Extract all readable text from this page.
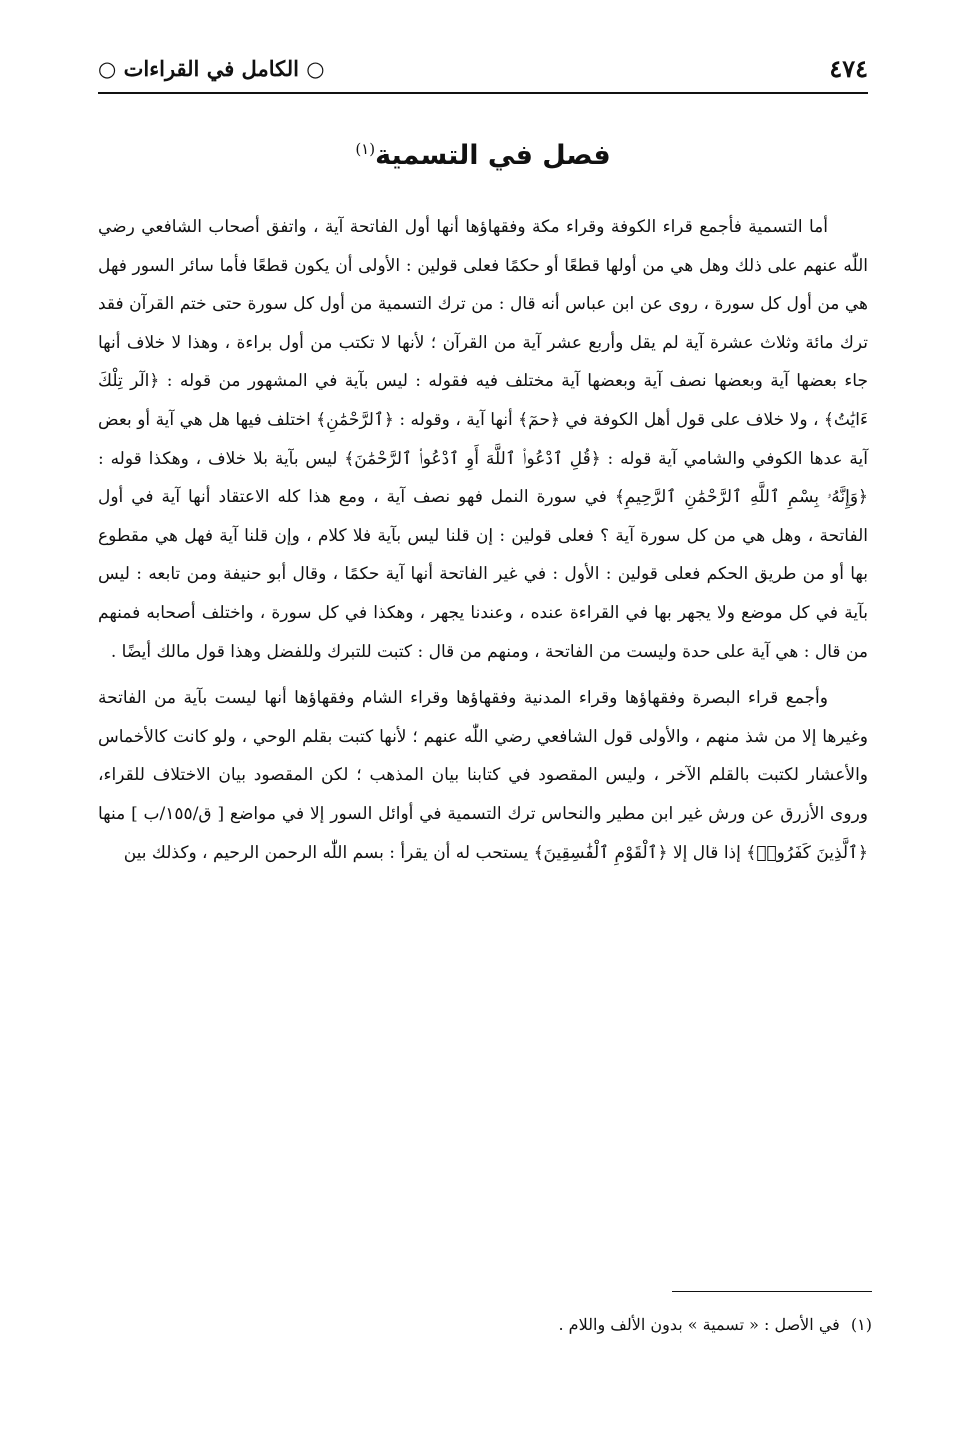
٤٧٤
○ الكامل في القراءات ○
فصل في التسمية$^{(١)}$

أما التسمية فأجمع قراء الكوفة وقراء مكة وفقهاؤها أنها أول الفاتحة آية ، واتفق أصحاب الشافعي رضي اللّٰه عنهم على ذلك وهل هي من أولها قطعًا أو حكمًا فعلى قولين : الأولى أن يكون قطعًا فأما سائر السور فهل هي من أول كل سورة ، روى عن ابن عباس أنه قال : من ترك التسمية من أول كل سورة حتى ختم القرآن فقد ترك مائة وثلاث عشرة آية لم يقل وأربع عشر آية من القرآن ؛ لأنها لا تكتب من أول براءة ، وهذا لا خلاف أنها جاء بعضها آية وبعضها نصف آية وبعضها آية مختلف فيه فقوله : ليس بآية في المشهور من قوله : ﴿الٓر تِلْكَ ءَايَٰتُ﴾ ، ولا خلاف على قول أهل الكوفة في ﴿حمٓ﴾ أنها آية ، وقوله : ﴿ٱلرَّحْمَٰنِ﴾ اختلف فيها هل هي آية أو بعض آية عدها الكوفي والشامي آية قوله : ﴿قُلِ ٱدْعُوا۟ ٱللَّهَ أَوِ ٱدْعُوا۟ ٱلرَّحْمَٰنَ﴾ ليس بآية بلا خلاف ، وهكذا قوله : ﴿وَإِنَّهُۥ بِسْمِ ٱللَّهِ ٱلرَّحْمَٰنِ ٱلرَّحِيمِ﴾ في سورة النمل فهو نصف آية ، ومع هذا كله الاعتقاد أنها آية في أول الفاتحة ، وهل هي من كل سورة آية ؟ فعلى قولين : إن قلنا ليس بآية فلا كلام ، وإن قلنا آية فهل هي مقطوع بها أو من طريق الحكم فعلى قولين : الأول : في غير الفاتحة أنها آية حكمًا ، وقال أبو حنيفة ومن تابعه : ليس بآية في كل موضع ولا يجهر بها في القراءة عنده ، وعندنا يجهر ، وهكذا في كل سورة ، واختلف أصحابه فمنهم من قال : هي آية على حدة وليست من الفاتحة ، ومنهم من قال : كتبت للتبرك وللفضل وهذا قول مالك أيضًا .

وأجمع قراء البصرة وفقهاؤها وقراء المدنية وفقهاؤها وقراء الشام وفقهاؤها أنها ليست بآية من الفاتحة وغيرها إلا من شذ منهم ، والأولى قول الشافعي رضي اللّٰه عنهم ؛ لأنها كتبت بقلم الوحي ، ولو كانت كالأخماس والأعشار لكتبت بالقلم الآخر ، وليس المقصود في كتابنا بيان المذهب ؛ لكن المقصود بيان الاختلاف للقراء، وروى الأزرق عن ورش غير ابن مطير والنحاس ترك التسمية في أوائل السور إلا في مواضع [ ق/١٥٥/ب ] منها ﴿ٱلَّذِينَ كَفَرُوا۟﴾ إذا قال إلا ﴿ٱلْقَوْمِ ٱلْفَٰسِقِينَ﴾ يستحب له أن يقرأ : بسم اللّٰه الرحمن الرحيم ، وكذلك بين

(١) في الأصل : « تسمية » بدون الألف واللام .
